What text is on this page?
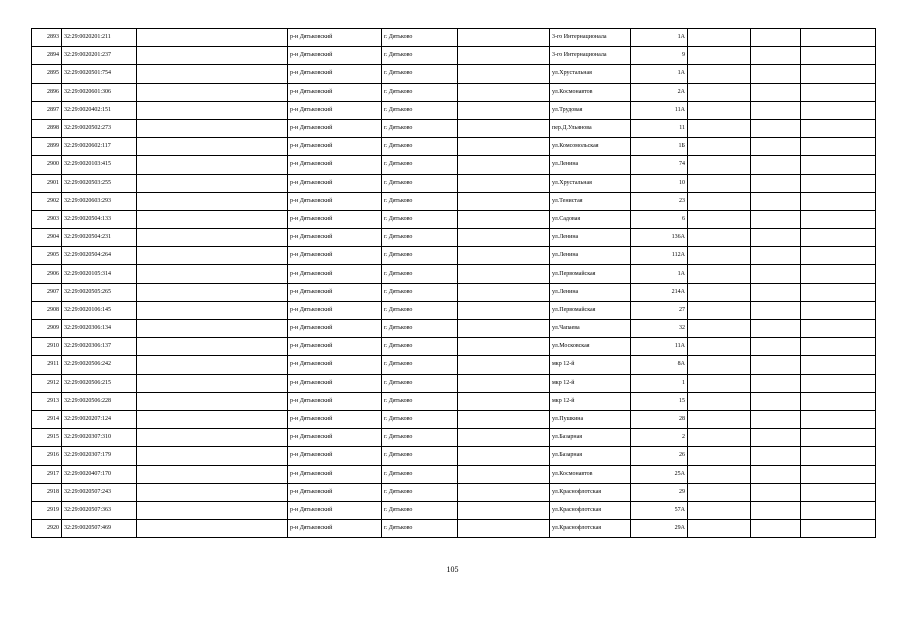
2893	32:29:0020201:211		р-н Дятьковский	г. Дятьково		3-го Интернационала	1А			
2894	32:29:0020201:237		р-н Дятьковский	г. Дятьково		3-го Интернационала	9			
2895	32:29:0020501:754		р-н Дятьковский	г. Дятьково		ул.Хрустальная	1А			
2896	32:29:0020601:306		р-н Дятьковский	г. Дятьково		ул.Космонавтов	2А			
2897	32:29:0020402:151		р-н Дятьковский	г. Дятьково		ул.Трудовая	11А			
2898	32:29:0020502:273		р-н Дятьковский	г. Дятьково		пер.Д.Ульянова	11			
2899	32:29:0020602:117		р-н Дятьковский	г. Дятьково		ул.Комсомольская	1Б			
2900	32:29:0020103:415		р-н Дятьковский	г. Дятьково		ул.Ленина	74			
2901	32:29:0020503:255		р-н Дятьковский	г. Дятьково		ул.Хрустальная	10			
2902	32:29:0020603:293		р-н Дятьковский	г. Дятьково		ул.Тенистая	23			
2903	32:29:0020504:133		р-н Дятьковский	г. Дятьково		ул.Садовая	6			
2904	32:29:0020504:231		р-н Дятьковский	г. Дятьково		ул.Ленина	136А			
2905	32:29:0020504:264		р-н Дятьковский	г. Дятьково		ул.Ленина	112А			
2906	32:29:0020105:314		р-н Дятьковский	г. Дятьково		ул.Первомайская	1А			
2907	32:29:0020505:265		р-н Дятьковский	г. Дятьково		ул.Ленина	214А			
2908	32:29:0020106:145		р-н Дятьковский	г. Дятьково		ул.Первомайская	27			
2909	32:29:0020306:134		р-н Дятьковский	г. Дятьково		ул.Чапаева	32			
2910	32:29:0020306:137		р-н Дятьковский	г. Дятьково		ул.Московская	11А			
2911	32:29:0020506:242		р-н Дятьковский	г. Дятьково		мкр 12-й	8А			
2912	32:29:0020506:215		р-н Дятьковский	г. Дятьково		мкр 12-й	1			
2913	32:29:0020506:228		р-н Дятьковский	г. Дятьково		мкр 12-й	15			
2914	32:29:0020207:124		р-н Дятьковский	г. Дятьково		ул.Пушкина	28			
2915	32:29:0020307:310		р-н Дятьковский	г. Дятьково		ул.Базарная	2			
2916	32:29:0020307:179		р-н Дятьковский	г. Дятьково		ул.Базарная	26			
2917	32:29:0020407:170		р-н Дятьковский	г. Дятьково		ул.Космонавтов	25А			
2918	32:29:0020507:243		р-н Дятьковский	г. Дятьково		ул.Краснофлотская	29			
2919	32:29:0020507:363		р-н Дятьковский	г. Дятьково		ул.Краснофлотская	57А			
2920	32:29:0020507:469		р-н Дятьковский	г. Дятьково		ул.Краснофлотская	29А			
105
